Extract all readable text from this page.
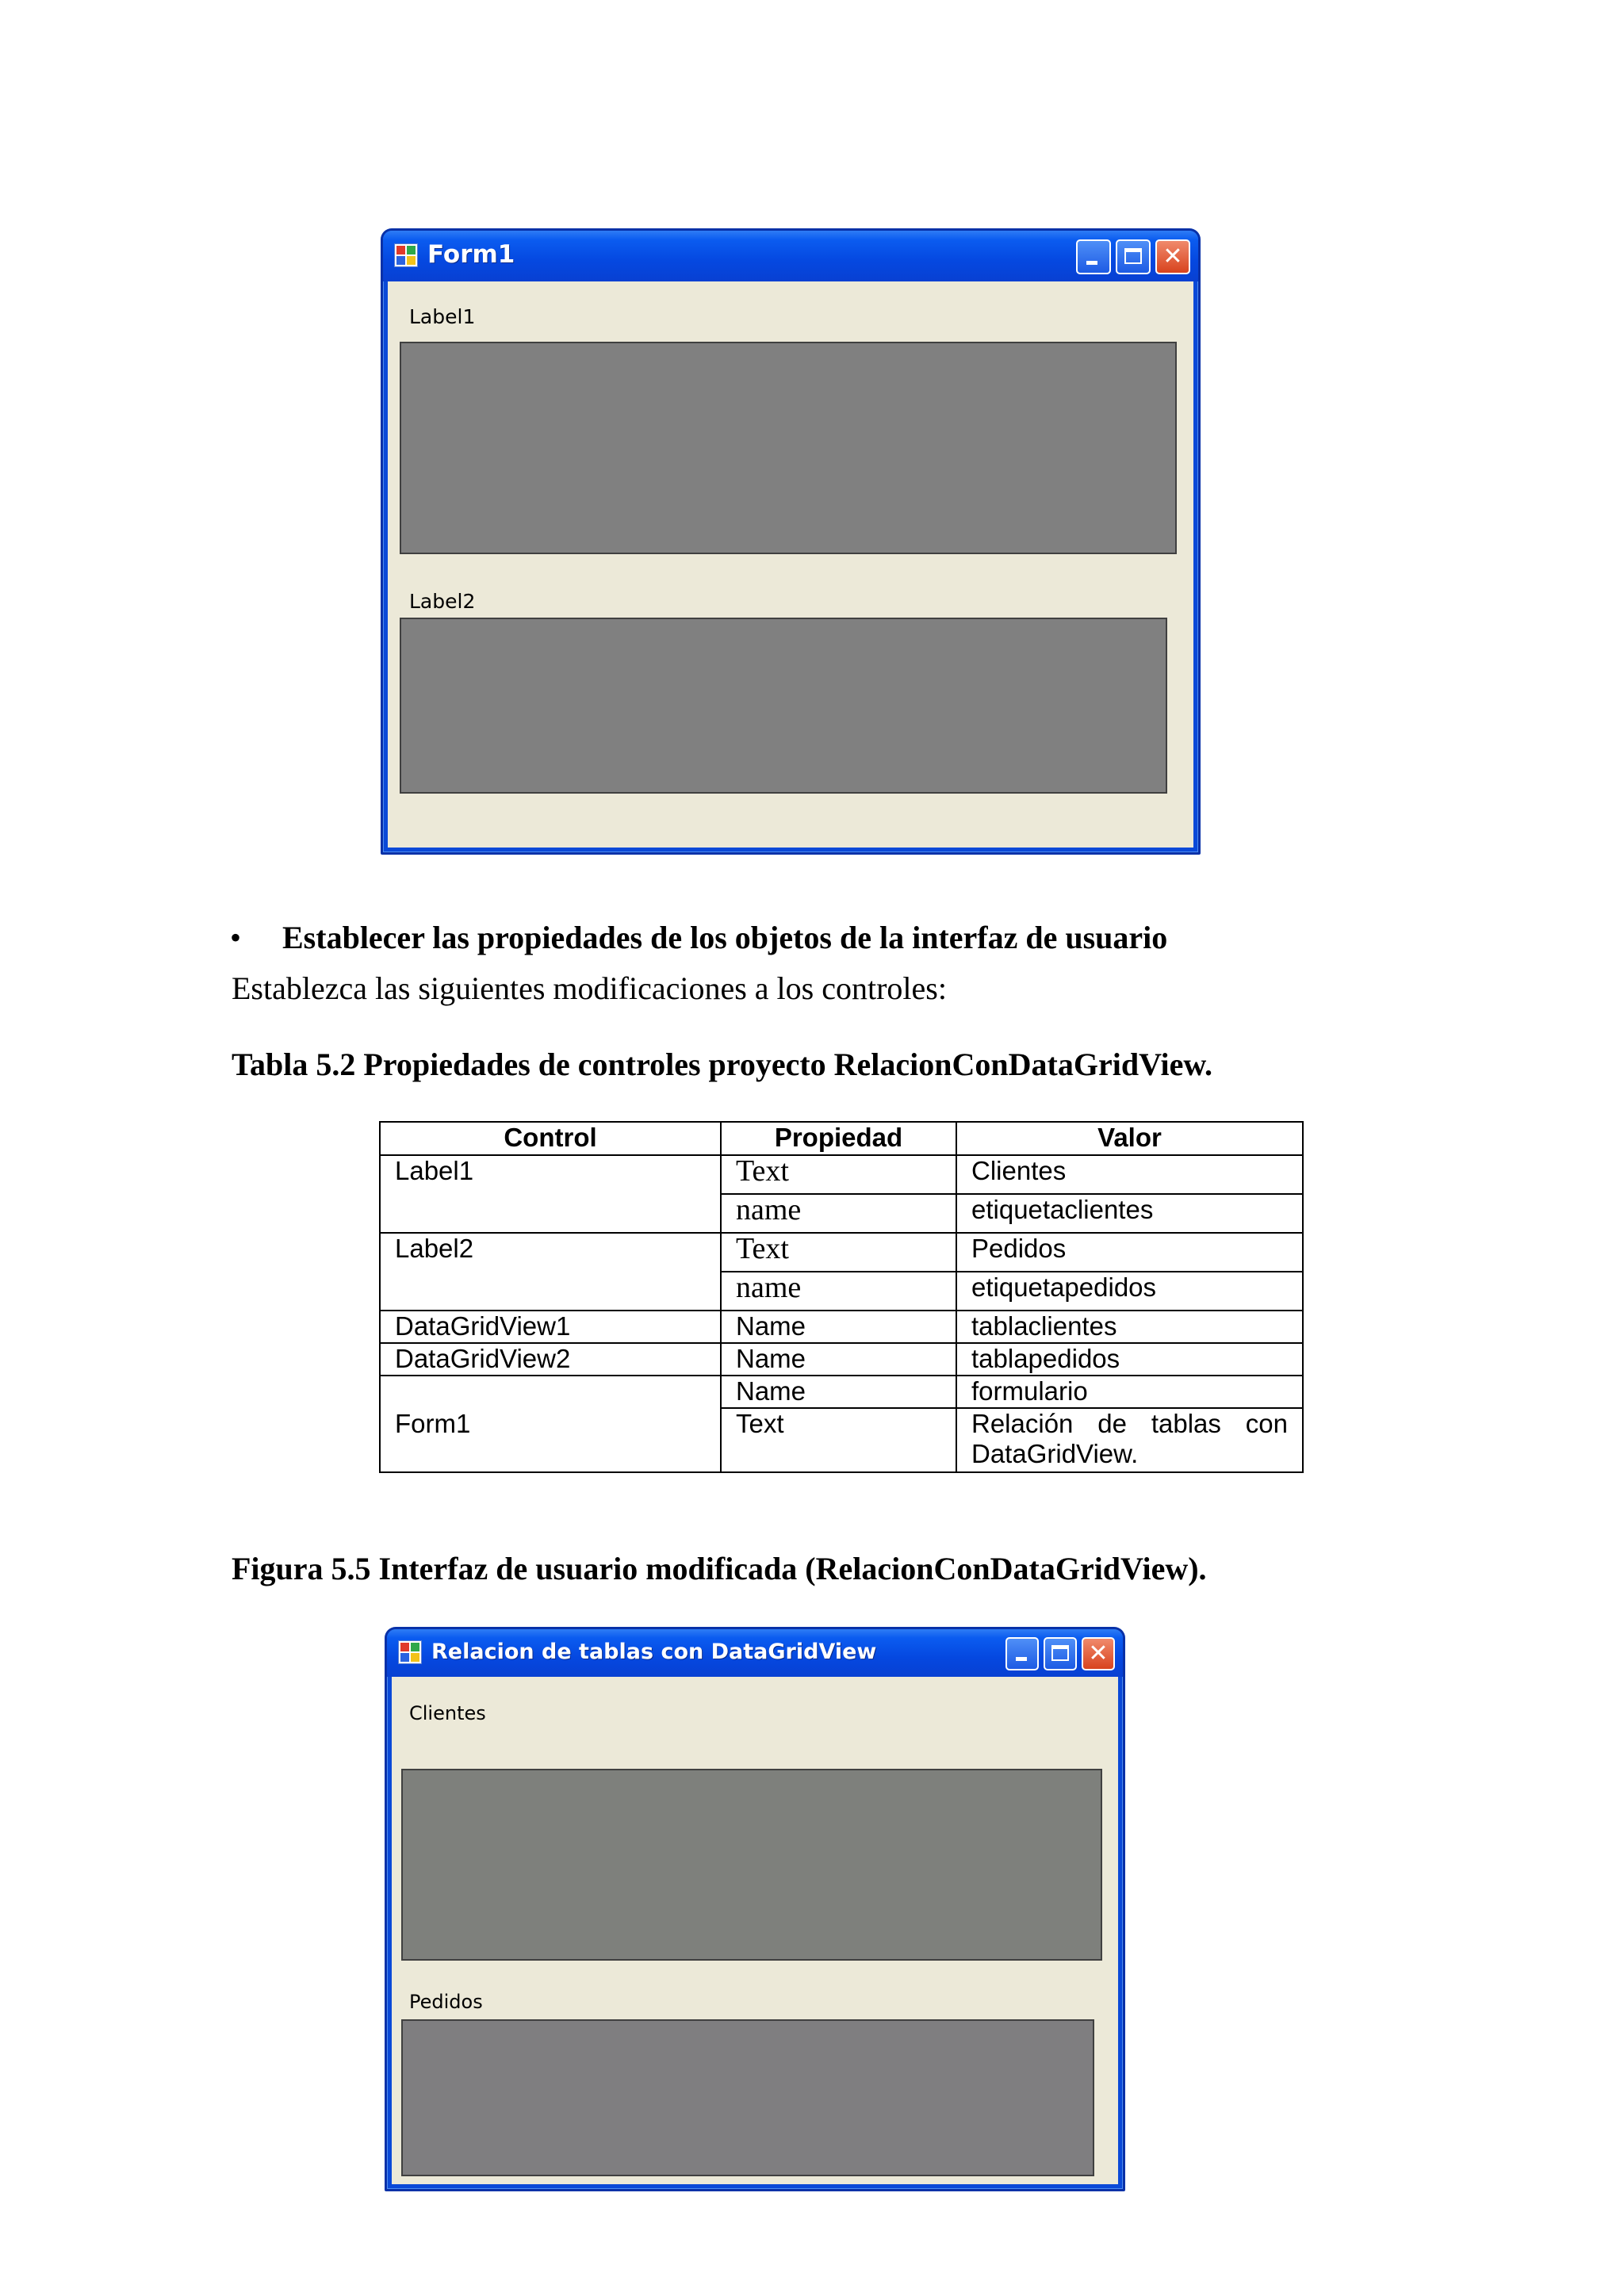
Form1	✕
Label1
Label2
• Establecer las propiedades de los objetos de la interfaz de usuario
Establezca las siguientes modificaciones a los controles:
Tabla 5.2 Propiedades de controles proyecto RelacionConDataGridView.
Control	Propiedad	Valor
Label1	Text	Clientes
	name	etiquetaclientes
Label2	Text	Pedidos
	name	etiquetapedidos
DataGridView1	Name	tablaclientes
DataGridView2	Name	tablapedidos
Form1	Name	formulario
	Text	Relación de tablas con DataGridView.
Figura 5.5 Interfaz de usuario modificada (RelacionConDataGridView).
Relacion de tablas con DataGridView	✕
Clientes
Pedidos
